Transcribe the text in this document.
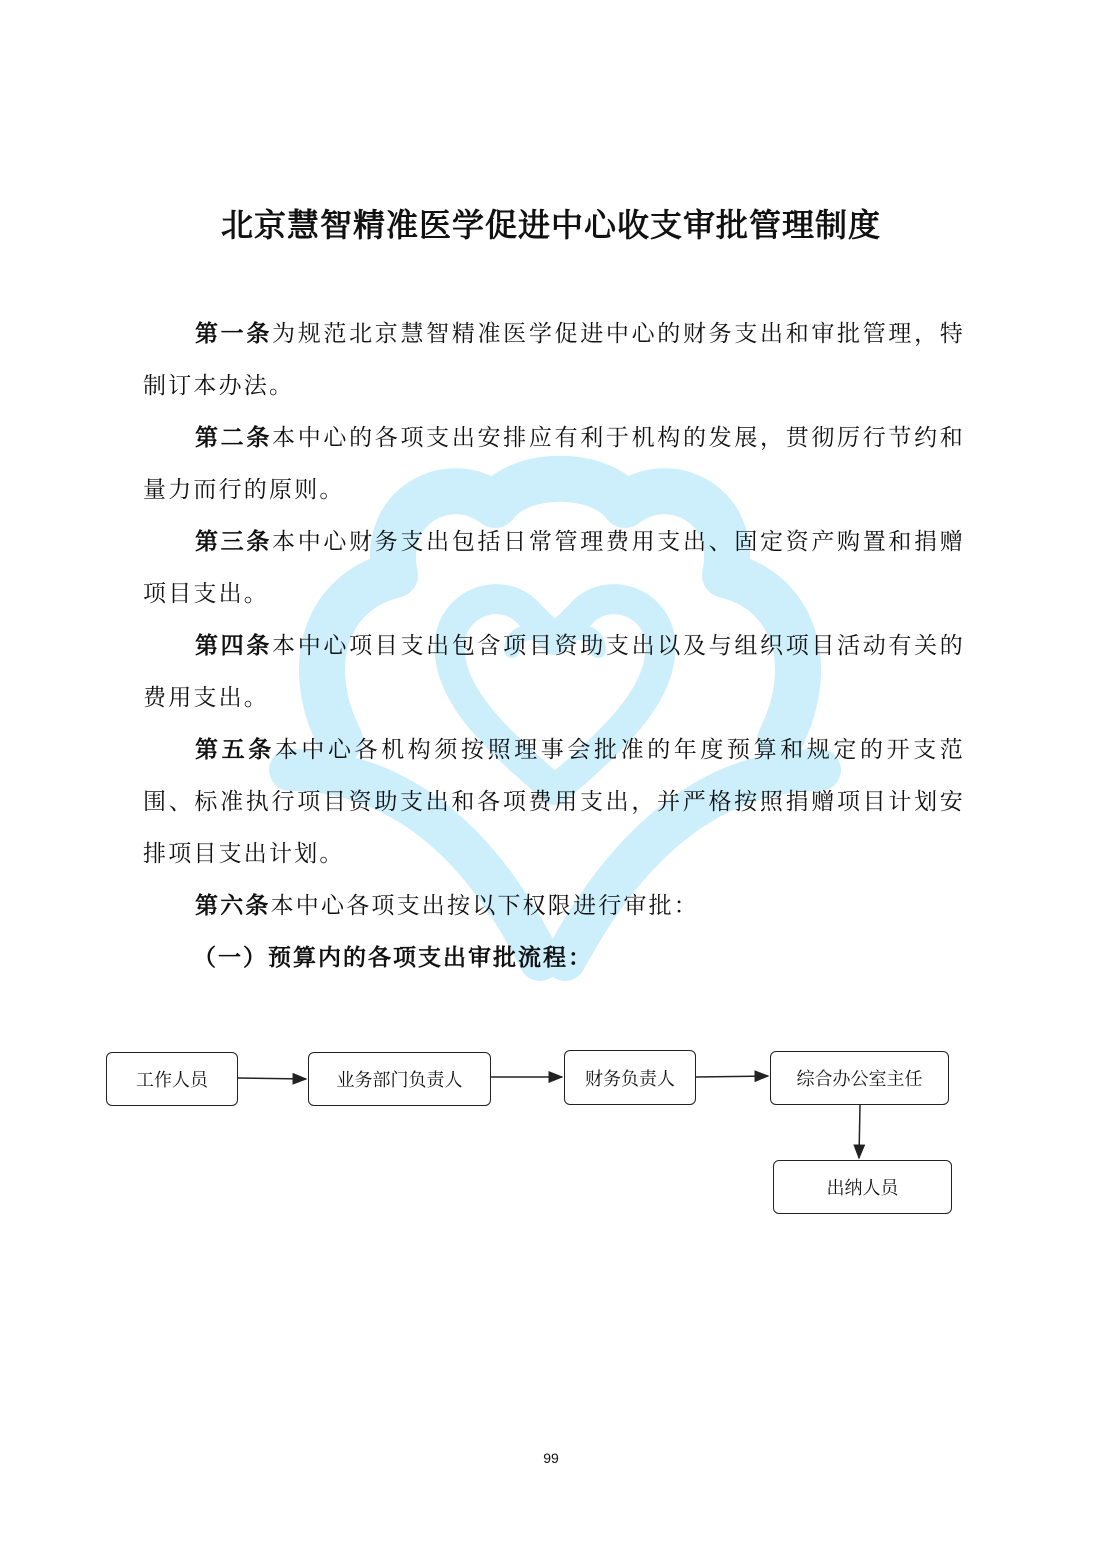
北京慧智精准医学促进中心收支审批管理制度

第一条为规范北京慧智精准医学促进中心的财务支出和审批管理，特制订本办法。

第二条本中心的各项支出安排应有利于机构的发展，贯彻厉行节约和量力而行的原则。

第三条本中心财务支出包括日常管理费用支出、固定资产购置和捐赠项目支出。

第四条本中心项目支出包含项目资助支出以及与组织项目活动有关的费用支出。

第五条本中心各机构须按照理事会批准的年度预算和规定的开支范围、标准执行项目资助支出和各项费用支出，并严格按照捐赠项目计划安排项目支出计划。

第六条本中心各项支出按以下权限进行审批：

（一）预算内的各项支出审批流程：
工作人员	业务部门负责人	财务负责人	综合办公室主任
出纳人员
99
